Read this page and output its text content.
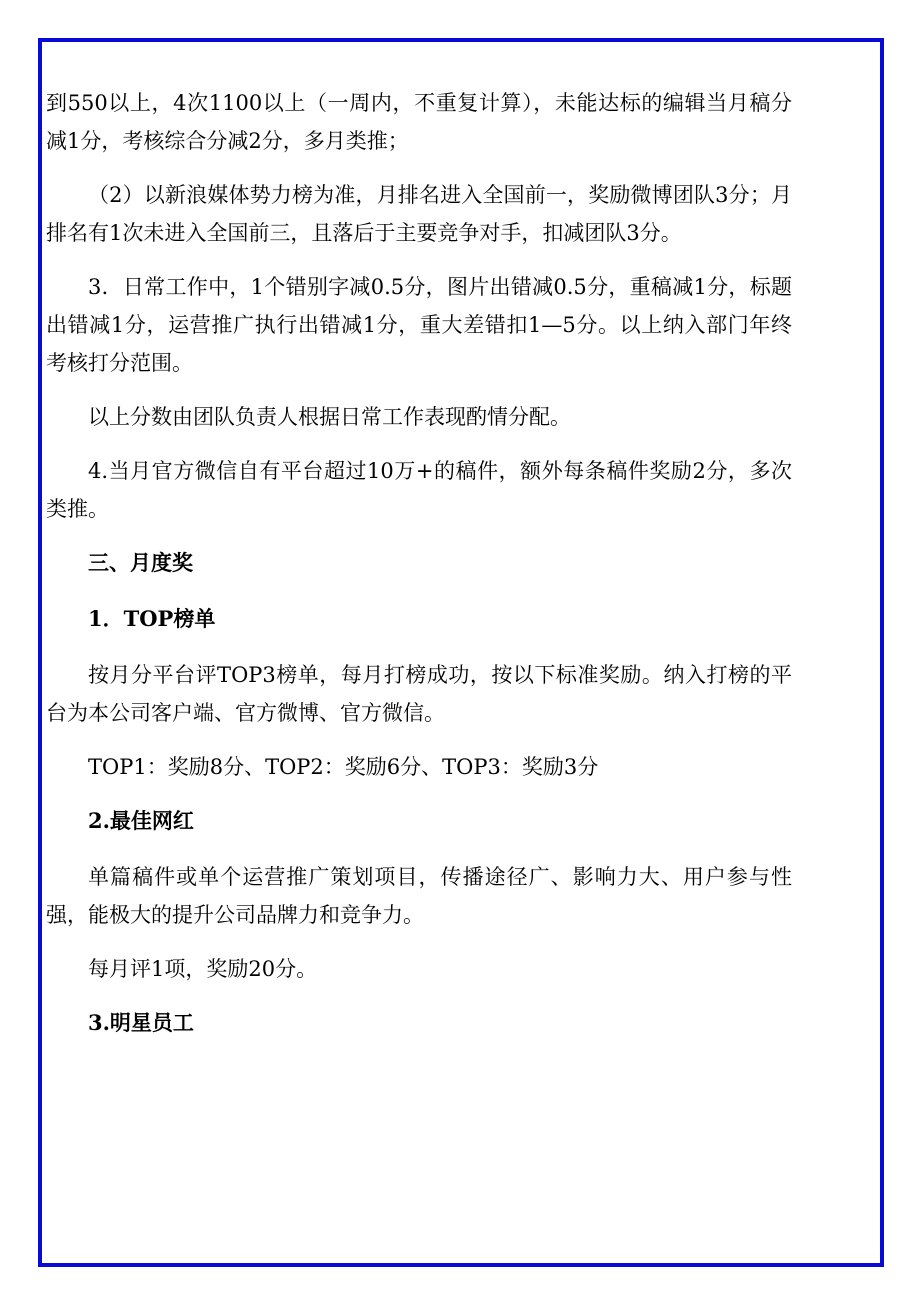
到550以上，4次1100以上（一周内，不重复计算），未能达标的编辑当月稿分减1分，考核综合分减2分，多月类推；

（2）以新浪媒体势力榜为准，月排名进入全国前一，奖励微博团队3分；月排名有1次未进入全国前三，且落后于主要竞争对手，扣减团队3分。

3．日常工作中，1个错别字减0.5分，图片出错减0.5分，重稿减1分，标题出错减1分，运营推广执行出错减1分，重大差错扣1—5分。以上纳入部门年终考核打分范围。

以上分数由团队负责人根据日常工作表现酌情分配。

4.当月官方微信自有平台超过10万+的稿件，额外每条稿件奖励2分，多次类推。

三、月度奖

1．TOP榜单

按月分平台评TOP3榜单，每月打榜成功，按以下标准奖励。纳入打榜的平台为本公司客户端、官方微博、官方微信。

TOP1：奖励8分、TOP2：奖励6分、TOP3：奖励3分

2.最佳网红

单篇稿件或单个运营推广策划项目，传播途径广、影响力大、用户参与性强，能极大的提升公司品牌力和竞争力。

每月评1项，奖励20分。

3.明星员工
